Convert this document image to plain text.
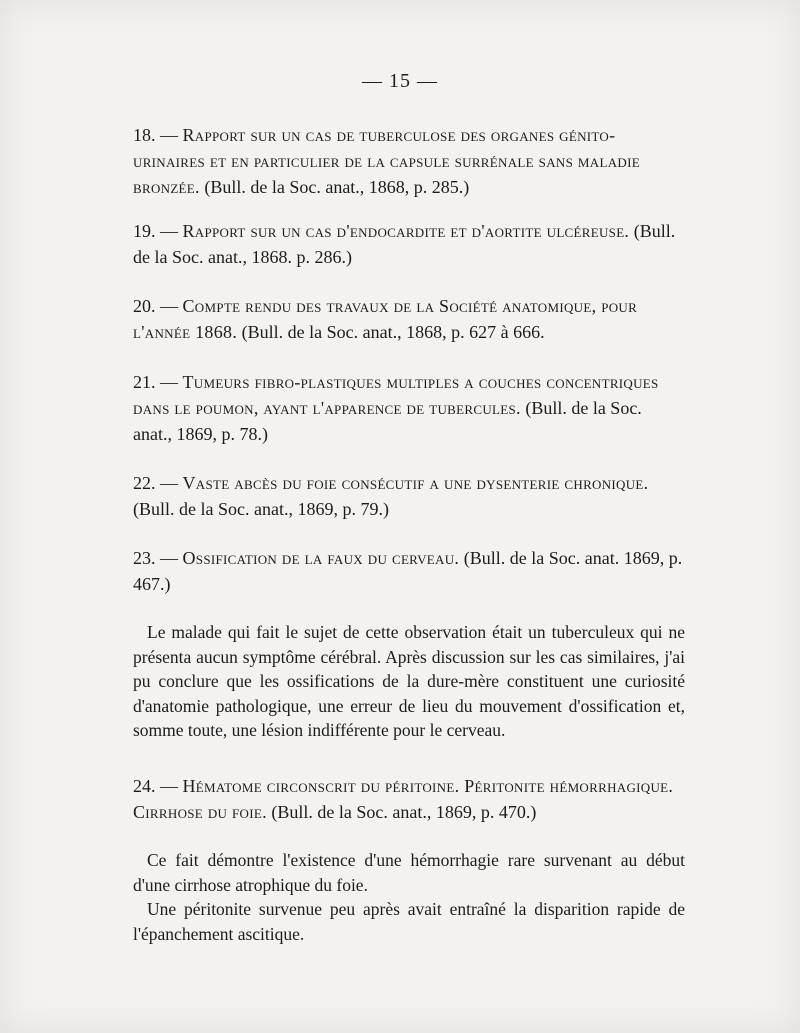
— 15 —
18. — Rapport sur un cas de tuberculose des organes génito-urinaires et en particulier de la capsule surrénale sans maladie bronzée. (Bull. de la Soc. anat., 1868, p. 285.)
19. — Rapport sur un cas d'endocardite et d'aortite ulcéreuse. (Bull. de la Soc. anat., 1868. p. 286.)
20. — Compte rendu des travaux de la Société anatomique, pour l'année 1868. (Bull. de la Soc. anat., 1868, p. 627 à 666.
21. — Tumeurs fibro-plastiques multiples a couches concentriques dans le poumon, ayant l'apparence de tubercules. (Bull. de la Soc. anat., 1869, p. 78.)
22. — Vaste abcès du foie consécutif a une dysenterie chronique. (Bull. de la Soc. anat., 1869, p. 79.)
23. — Ossification de la faux du cerveau. (Bull. de la Soc. anat. 1869, p. 467.)

Le malade qui fait le sujet de cette observation était un tuberculeux qui ne présenta aucun symptôme cérébral. Après discussion sur les cas similaires, j'ai pu conclure que les ossifications de la dure-mère constituent une curiosité d'anatomie pathologique, une erreur de lieu du mouvement d'ossification et, somme toute, une lésion indifférente pour le cerveau.

24. — Hématome circonscrit du péritoine. Péritonite hémorrhagique. Cirrhose du foie. (Bull. de la Soc. anat., 1869, p. 470.)

Ce fait démontre l'existence d'une hémorrhagie rare survenant au début d'une cirrhose atrophique du foie.

Une péritonite survenue peu après avait entraîné la disparition rapide de l'épanchement ascitique.
